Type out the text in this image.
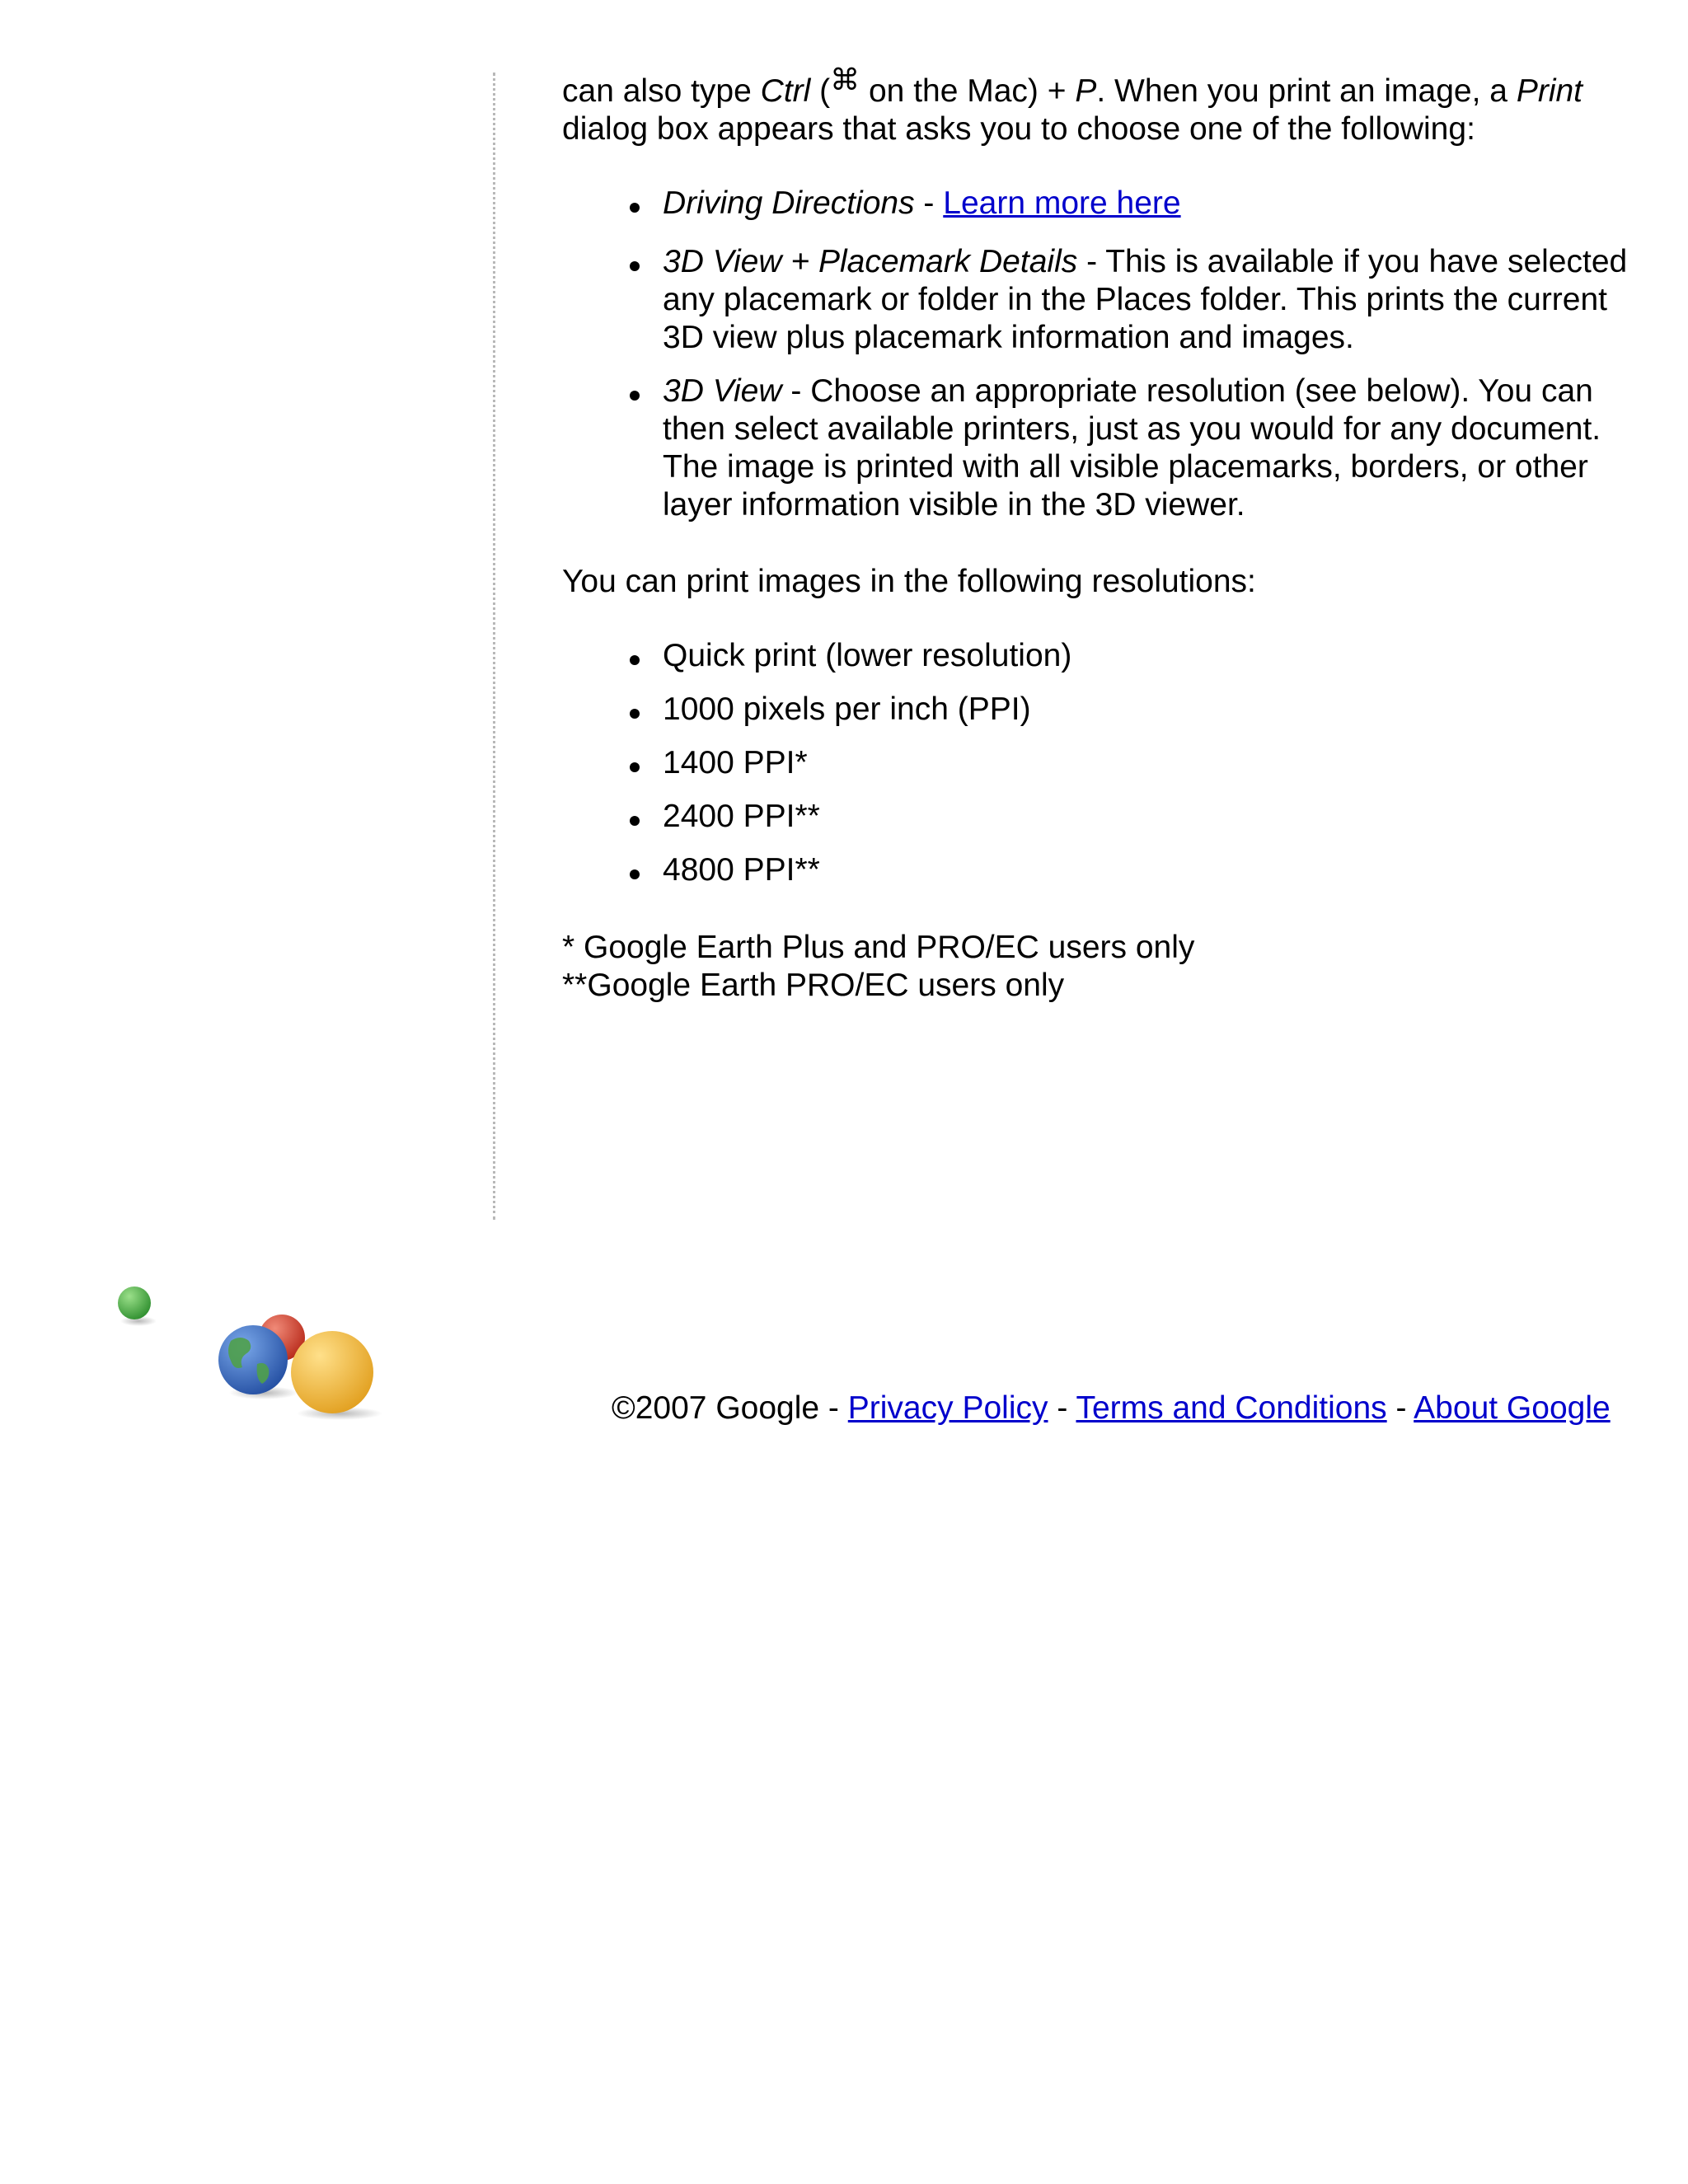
can also type Ctrl (⌘ on the Mac) + P. When you print an image, a Print
dialog box appears that asks you to choose one of the following:

Driving Directions - Learn more here
3D View + Placemark Details - This is available if you have selected any placemark or folder in the Places folder. This prints the current 3D view plus placemark information and images.
3D View - Choose an appropriate resolution (see below). You can then select available printers, just as you would for any document. The image is printed with all visible placemarks, borders, or other layer information visible in the 3D viewer.

You can print images in the following resolutions:

Quick print (lower resolution)
1000 pixels per inch (PPI)
1400 PPI*
2400 PPI**
4800 PPI**

* Google Earth Plus and PRO/EC users only
**Google Earth PRO/EC users only

©2007 Google - Privacy Policy - Terms and Conditions - About Google
